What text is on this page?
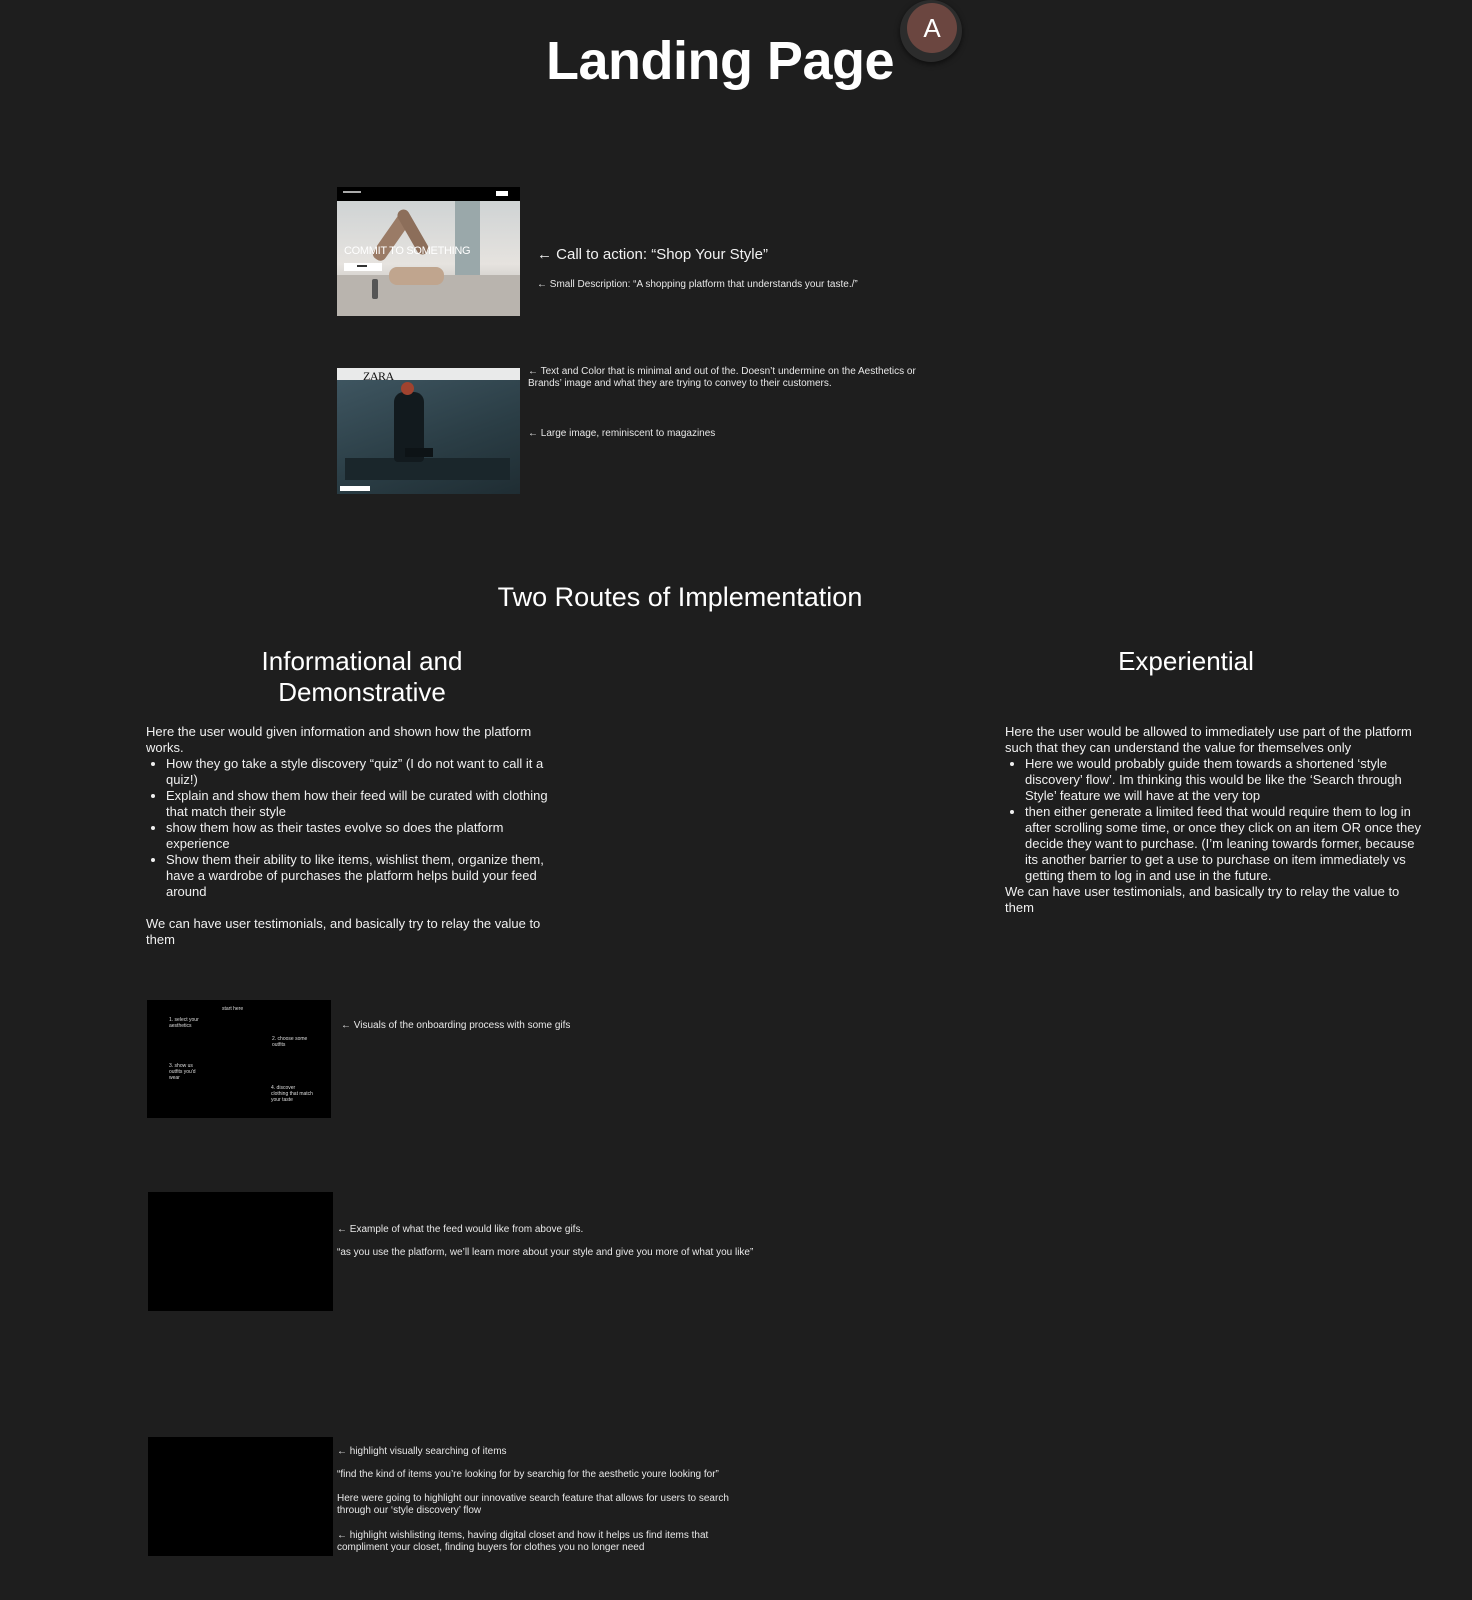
Landing Page
A
COMMIT TO SOMETHING	← Call to action: “Shop Your Style”
← Small Description: “A shopping platform that understands your taste./”
ZARA	← Text and Color that is minimal and out of the. Doesn’t undermine on the Aesthetics or Brands’ image and what they are trying to convey to their customers.
← Large image, reminiscent to magazines
Two Routes of Implementation
Informational and Demonstrative
Experiential
Here the user would given information and shown how the platform works.
• How they go take a style discovery “quiz” (I do not want to call it a quiz!)
• Explain and show them how their feed will be curated with clothing that match their style
• show them how as their tastes evolve so does the platform experience
• Show them their ability to like items, wishlist them, organize them, have a wardrobe of purchases the platform helps build your feed around
We can have user testimonials, and basically try to relay the value to them
Here the user would be allowed to immediately use part of the platform such that they can understand the value for themselves only
• Here we would probably guide them towards a shortened ‘style discovery’ flow’. Im thinking this would be like the ‘Search through Style’ feature we will have at the very top
• then either generate a limited feed that would require them to log in after scrolling some time, or once they click on an item OR once they decide they want to purchase. (I’m leaning towards former, because its another barrier to get a use to purchase on item immediately vs getting them to log in and use in the future.
We can have user testimonials, and basically try to relay the value to them
start here
1. select your aesthetics
2. choose some outfits
3. show us outfits you'd wear
4. discover clothing that match your taste
← Visuals of the onboarding process with some gifs
← Example of what the feed would like from above gifs.
“as you use the platform, we’ll learn more about your style and give you more of what you like”
← highlight visually searching of items
“find the kind of items you’re looking for by searchig for the aesthetic youre looking for”
Here were going to highlight our innovative search feature that allows for users to search through our ‘style discovery’ flow
← highlight wishlisting items, having digital closet and how it helps us find items that compliment your closet, finding buyers for clothes you no longer need
